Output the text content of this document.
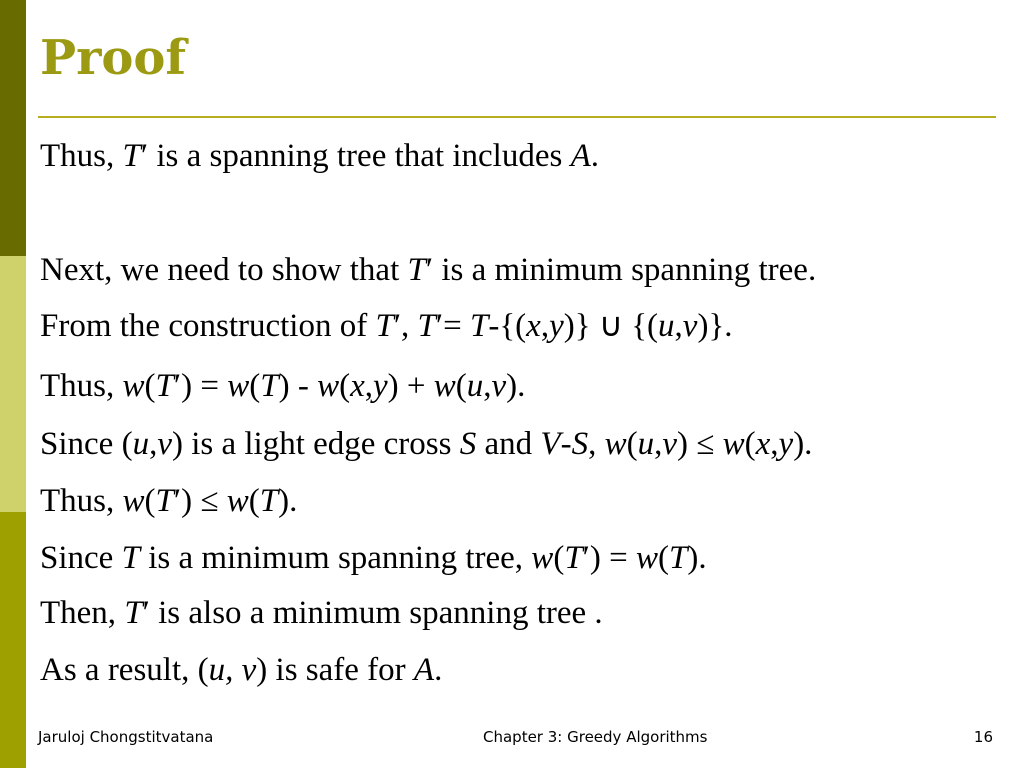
Proof
Thus, T′ is a spanning tree that includes A.
Next, we need to show that T′ is a minimum spanning tree.
From the construction of T′, T′= T-{(x,y)} ∪ {(u,v)}.
Thus, w(T′) = w(T) - w(x,y) + w(u,v).
Since (u,v) is a light edge cross S and V-S, w(u,v) ≤ w(x,y).
Thus, w(T′) ≤ w(T).
Since T is a minimum spanning tree, w(T′) = w(T).
Then, T′ is also a minimum spanning tree .
As a result, (u, v) is safe for A.
Jaruloj Chongstitvatana	Chapter 3: Greedy Algorithms	16
